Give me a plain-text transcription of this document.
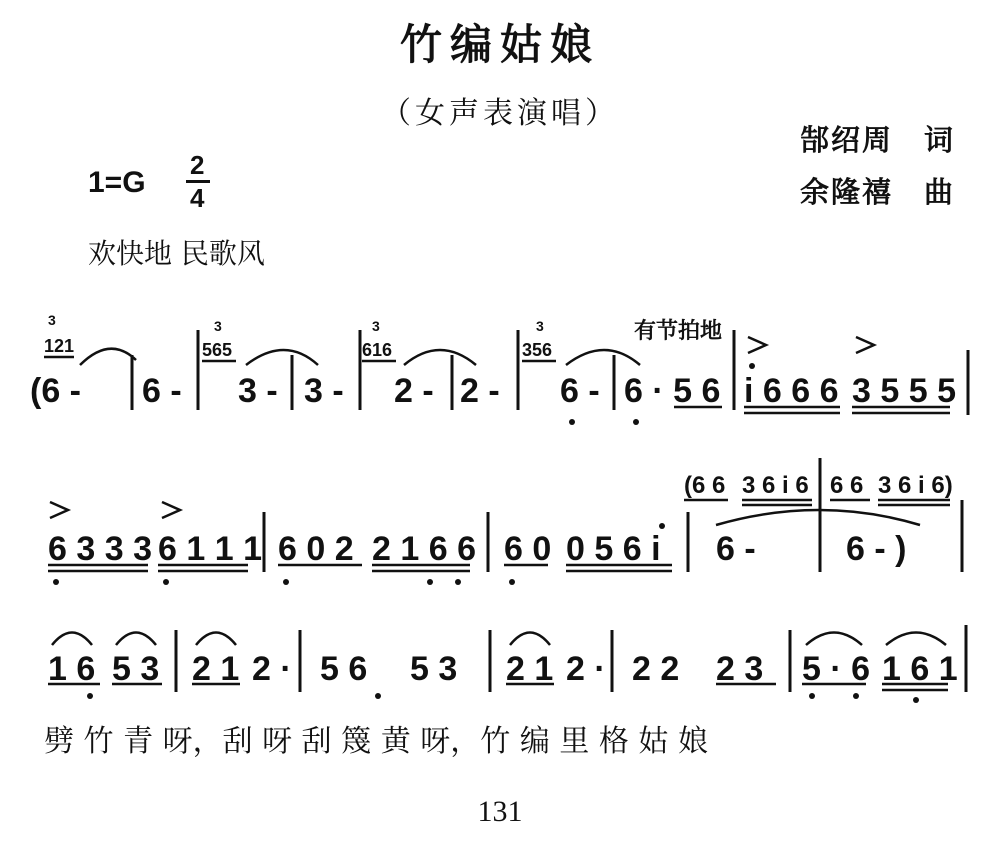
竹编姑娘
（女声表演唱）
郜绍周　词
余隆禧　曲
1=G
2
4
欢快地 民歌风
3
121
3
565
3
616
3
356
有节拍地
(6 - 6 - 3 - 3 - 2 - 2 - 6 - 6 · 5 6 i 6 6 6 3 5 5 5
(6 6 3 6 i 6 6 6 3 6 i 6)
6 3 3 3 6 1 1 1 6 0 2 2 1 6 6 6 0 0 5 6 i 6 -	6 - )
1 6 5 3 2 1 2 · 5 6 5 3 2 1 2 · 2 2 2 3 5 · 6 1 6 1
劈 竹 青 呀，刮 呀 刮 篾 黄 呀，竹 编 里 格 姑 娘
131
